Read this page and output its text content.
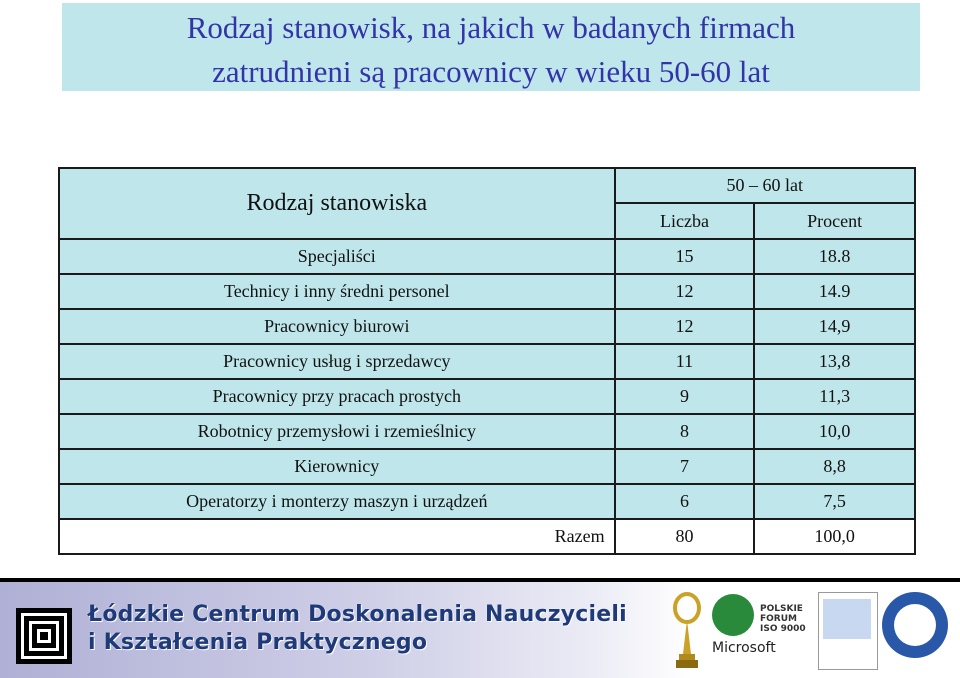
Rodzaj stanowisk, na jakich w badanych firmach
zatrudnieni są pracownicy w wieku 50-60 lat
Rodzaj stanowiska	50 – 60 lat	
	Liczba	Procent
Specjaliści	15	18.8
Technicy i inny średni personel	12	14.9
Pracownicy biurowi	12	14,9
Pracownicy usług i sprzedawcy	11	13,8
Pracownicy przy pracach prostych	9	11,3
Robotnicy przemysłowi i rzemieślnicy	8	10,0
Kierownicy	7	8,8
Operatorzy i monterzy maszyn i urządzeń	6	7,5
Razem	80	100,0
Łódzkie Centrum Doskonalenia Nauczycieli
i Kształcenia Praktycznego
POLSKIE
FORUM
ISO 9000
Microsoft
